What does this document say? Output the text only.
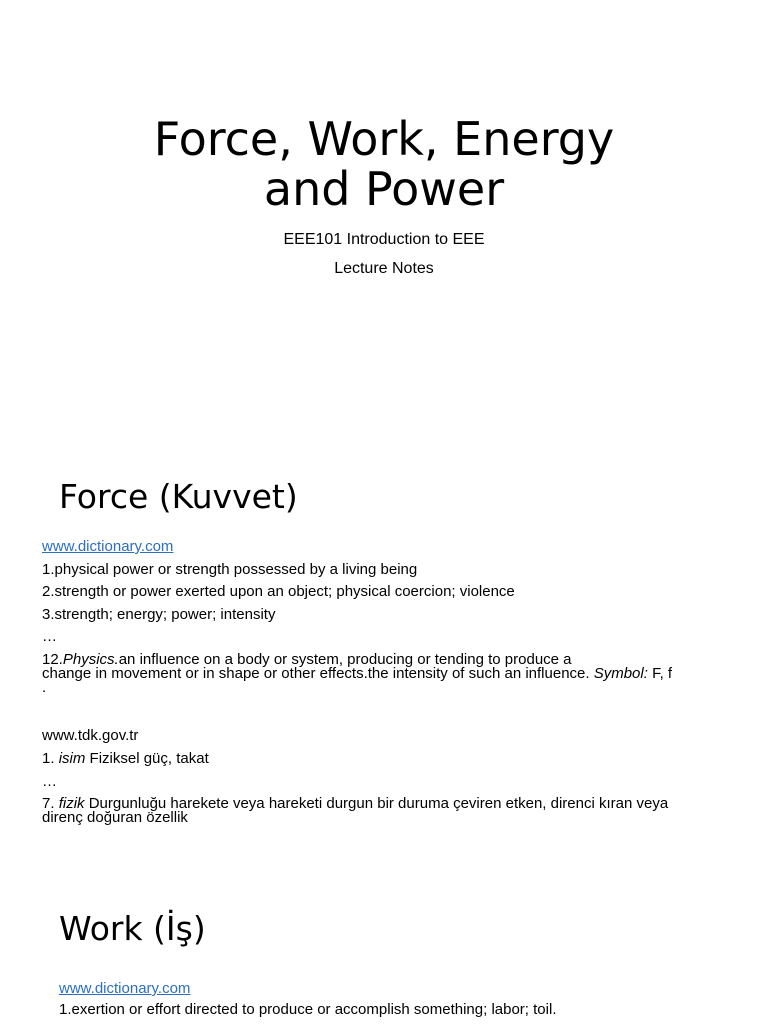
Force, Work, Energy
and Power

EEE101 Introduction to EEE

Lecture Notes

Force (Kuvvet)
www.dictionary.com

1.physical power or strength possessed by a living being

2.strength or power exerted upon an object; physical coercion; violence

3.strength; energy; power; intensity

…

12.Physics.an influence on a body or system, producing or tending to produce a
change in movement or in shape or other effects.the intensity of such an influence. Symbol: F, f
.

www.tdk.gov.tr

1. isim Fiziksel güç, takat

…

7. fizik Durgunluğu harekete veya hareketi durgun bir duruma çeviren etken, direnci kıran veya
direnç doğuran özellik

Work (İş)
www.dictionary.com

1.exertion or effort directed to produce or accomplish something; labor; toil.
